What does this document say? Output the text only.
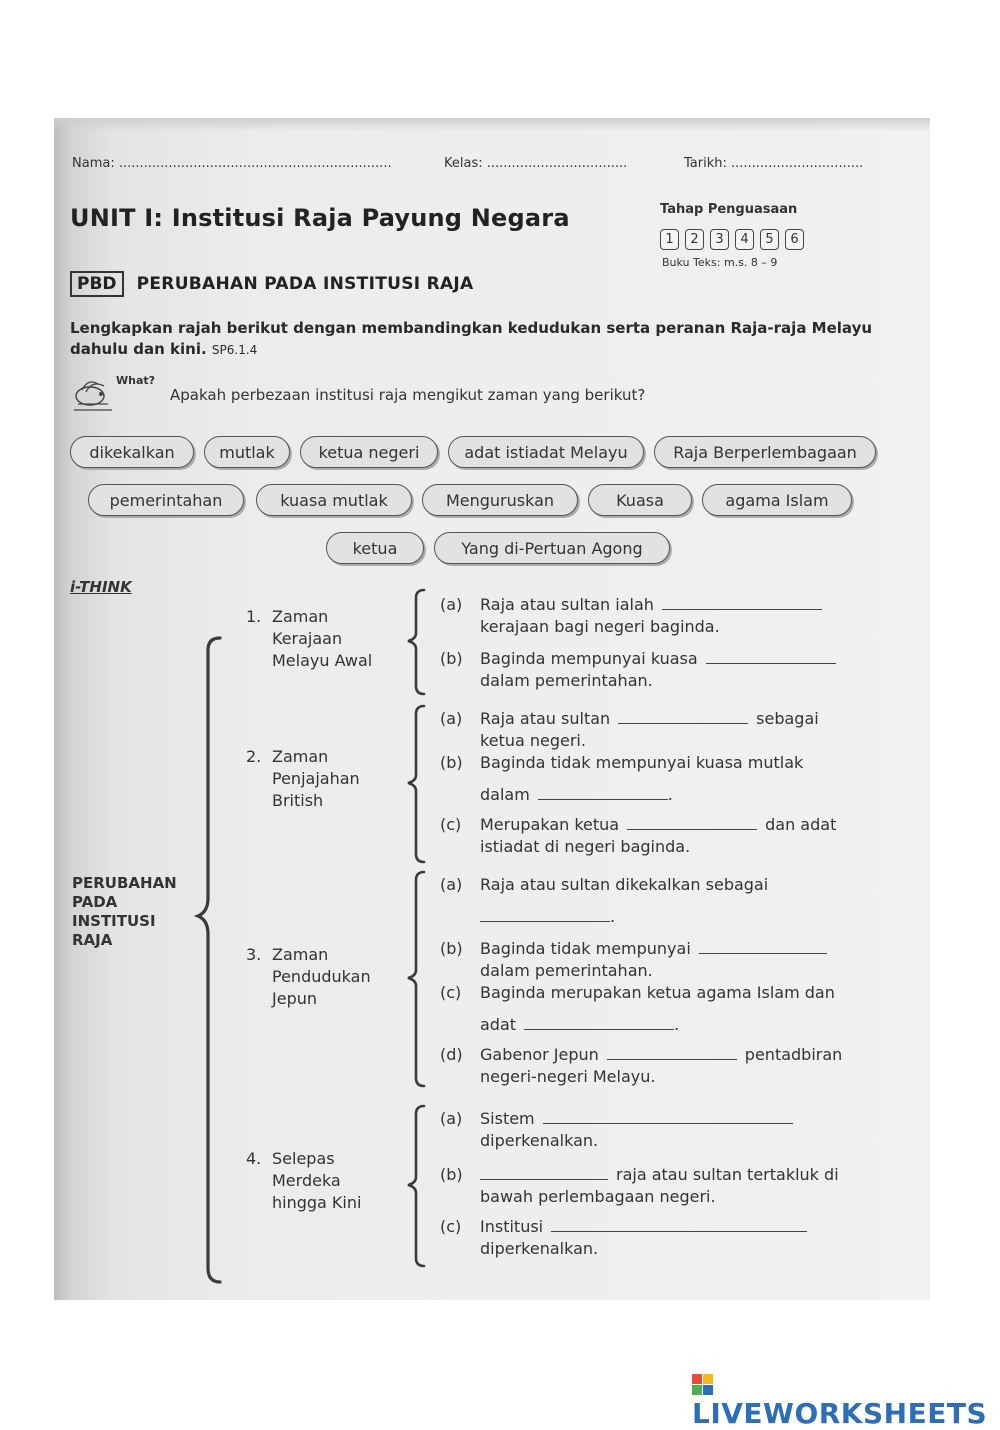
Nama: ..................................................................	Kelas: ..................................	Tarikh: ................................
UNIT I: Institusi Raja Payung Negara	Tahap Penguasaan
1 2 3 4 5 6
Buku Teks: m.s. 8 – 9
PBD PERUBAHAN PADA INSTITUSI RAJA
Lengkapkan rajah berikut dengan membandingkan kedudukan serta peranan Raja-raja Melayu dahulu dan kini. SP6.1.4
What?
Apakah perbezaan institusi raja mengikut zaman yang berikut?
dikekalkan	mutlak	ketua negeri	adat istiadat Melayu	Raja Berperlembagaan
pemerintahan	kuasa mutlak	Menguruskan	Kuasa	agama Islam
ketua	Yang di-Pertuan Agong
i-THINK
PERUBAHAN
PADA
INSTITUSI
RAJA
1. Zaman
Kerajaan
Melayu Awal
(a) Raja atau sultan ialah
kerajaan bagi negeri baginda.
(b) Baginda mempunyai kuasa
dalam pemerintahan.
2. Zaman
Penjajahan
British
(a) Raja atau sultan	sebagai
ketua negeri.
(b) Baginda tidak mempunyai kuasa mutlak
dalam	.
(c) Merupakan ketua	dan adat
istiadat di negeri baginda.
3. Zaman
Pendudukan
Jepun
(a) Raja atau sultan dikekalkan sebagai
.
(b) Baginda tidak mempunyai
dalam pemerintahan.
(c) Baginda merupakan ketua agama Islam dan
adat	.
(d) Gabenor Jepun	pentadbiran
negeri-negeri Melayu.
4. Selepas
Merdeka
hingga Kini
(a) Sistem
diperkenalkan.
(b)	raja atau sultan tertakluk di
bawah perlembagaan negeri.
(c) Institusi
diperkenalkan.
LIVEWORKSHEETS
